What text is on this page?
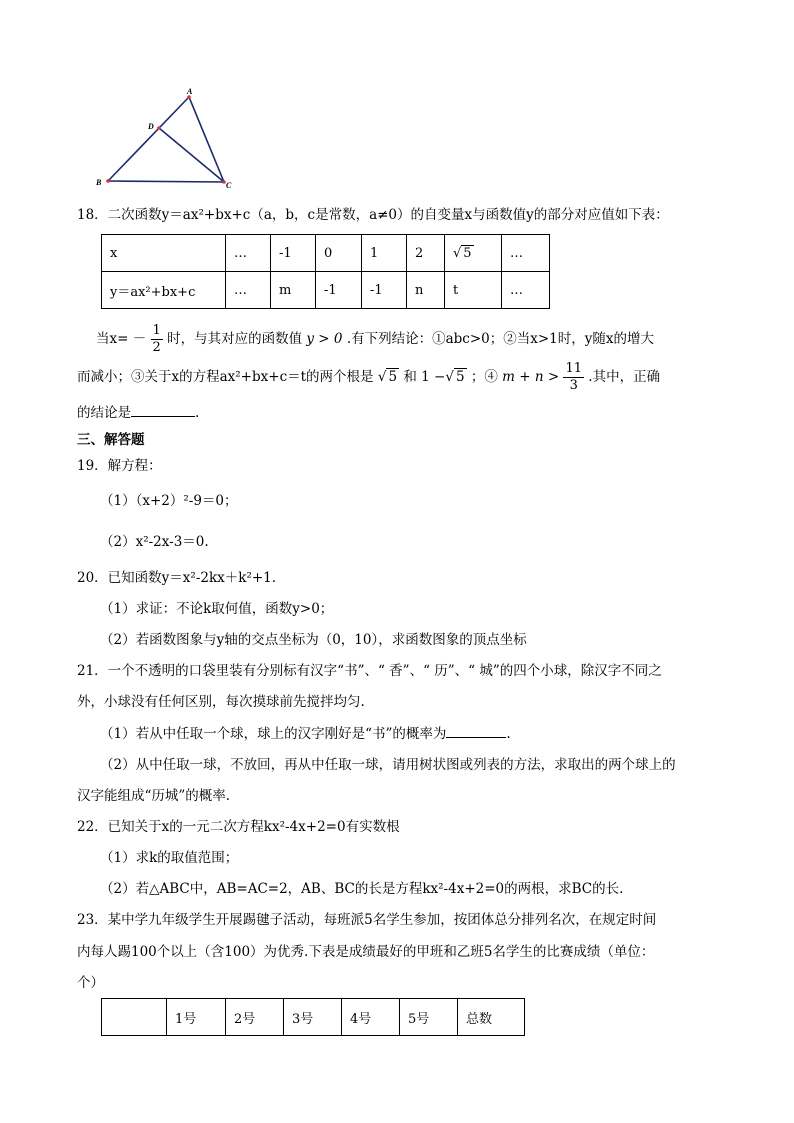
A
D
B	C
18．二次函数y＝ax²+bx+c（a，b，c是常数，a≠0）的自变量x与函数值y的部分对应值如下表：
x	…	-1	0	1	2	√ 5	…
y＝ax²+bx+c	…	m	-1	-1	n	t	…
当$x= - \frac{1}{2}$ 时，与其对应的函数值 y > 0 .有下列结论：①abc>0；②当x>1时，y随x的增大
而减小；③关于x的方程ax²+bx+c＝t的两个根是 √ 5 和 1 −√ 5 ；④ $m + n > \frac{11}{3}$ .其中，正确
的结论是	.
三、解答题
19．解方程：
（1）（x+2）²-9＝0；
（2）x²-2x-3＝0.
20．已知函数y＝x²-2kx＋k²+1.
（1）求证：不论k取何值，函数y>0；
（2）若函数图象与y轴的交点坐标为（0，10），求函数图象的顶点坐标
21．一个不透明的口袋里装有分别标有汉字“书”、“ 香”、“ 历”、“ 城”的四个小球，除汉字不同之
外，小球没有任何区别，每次摸球前先搅拌均匀.
（1）若从中任取一个球，球上的汉字刚好是“书”的概率为	.
（2）从中任取一球，不放回，再从中任取一球，请用树状图或列表的方法，求取出的两个球上的
汉字能组成“历城”的概率.
22．已知关于x的一元二次方程kx²-4x+2=0有实数根
（1）求k的取值范围；
（2）若△ABC中，AB=AC=2，AB、BC的长是方程kx²-4x+2=0的两根，求BC的长.
23．某中学九年级学生开展踢毽子活动，每班派5名学生参加，按团体总分排列名次，在规定时间
内每人踢100个以上（含100）为优秀.下表是成绩最好的甲班和乙班5名学生的比赛成绩（单位：
个）
	1号	2号	3号	4号	5号	总数
